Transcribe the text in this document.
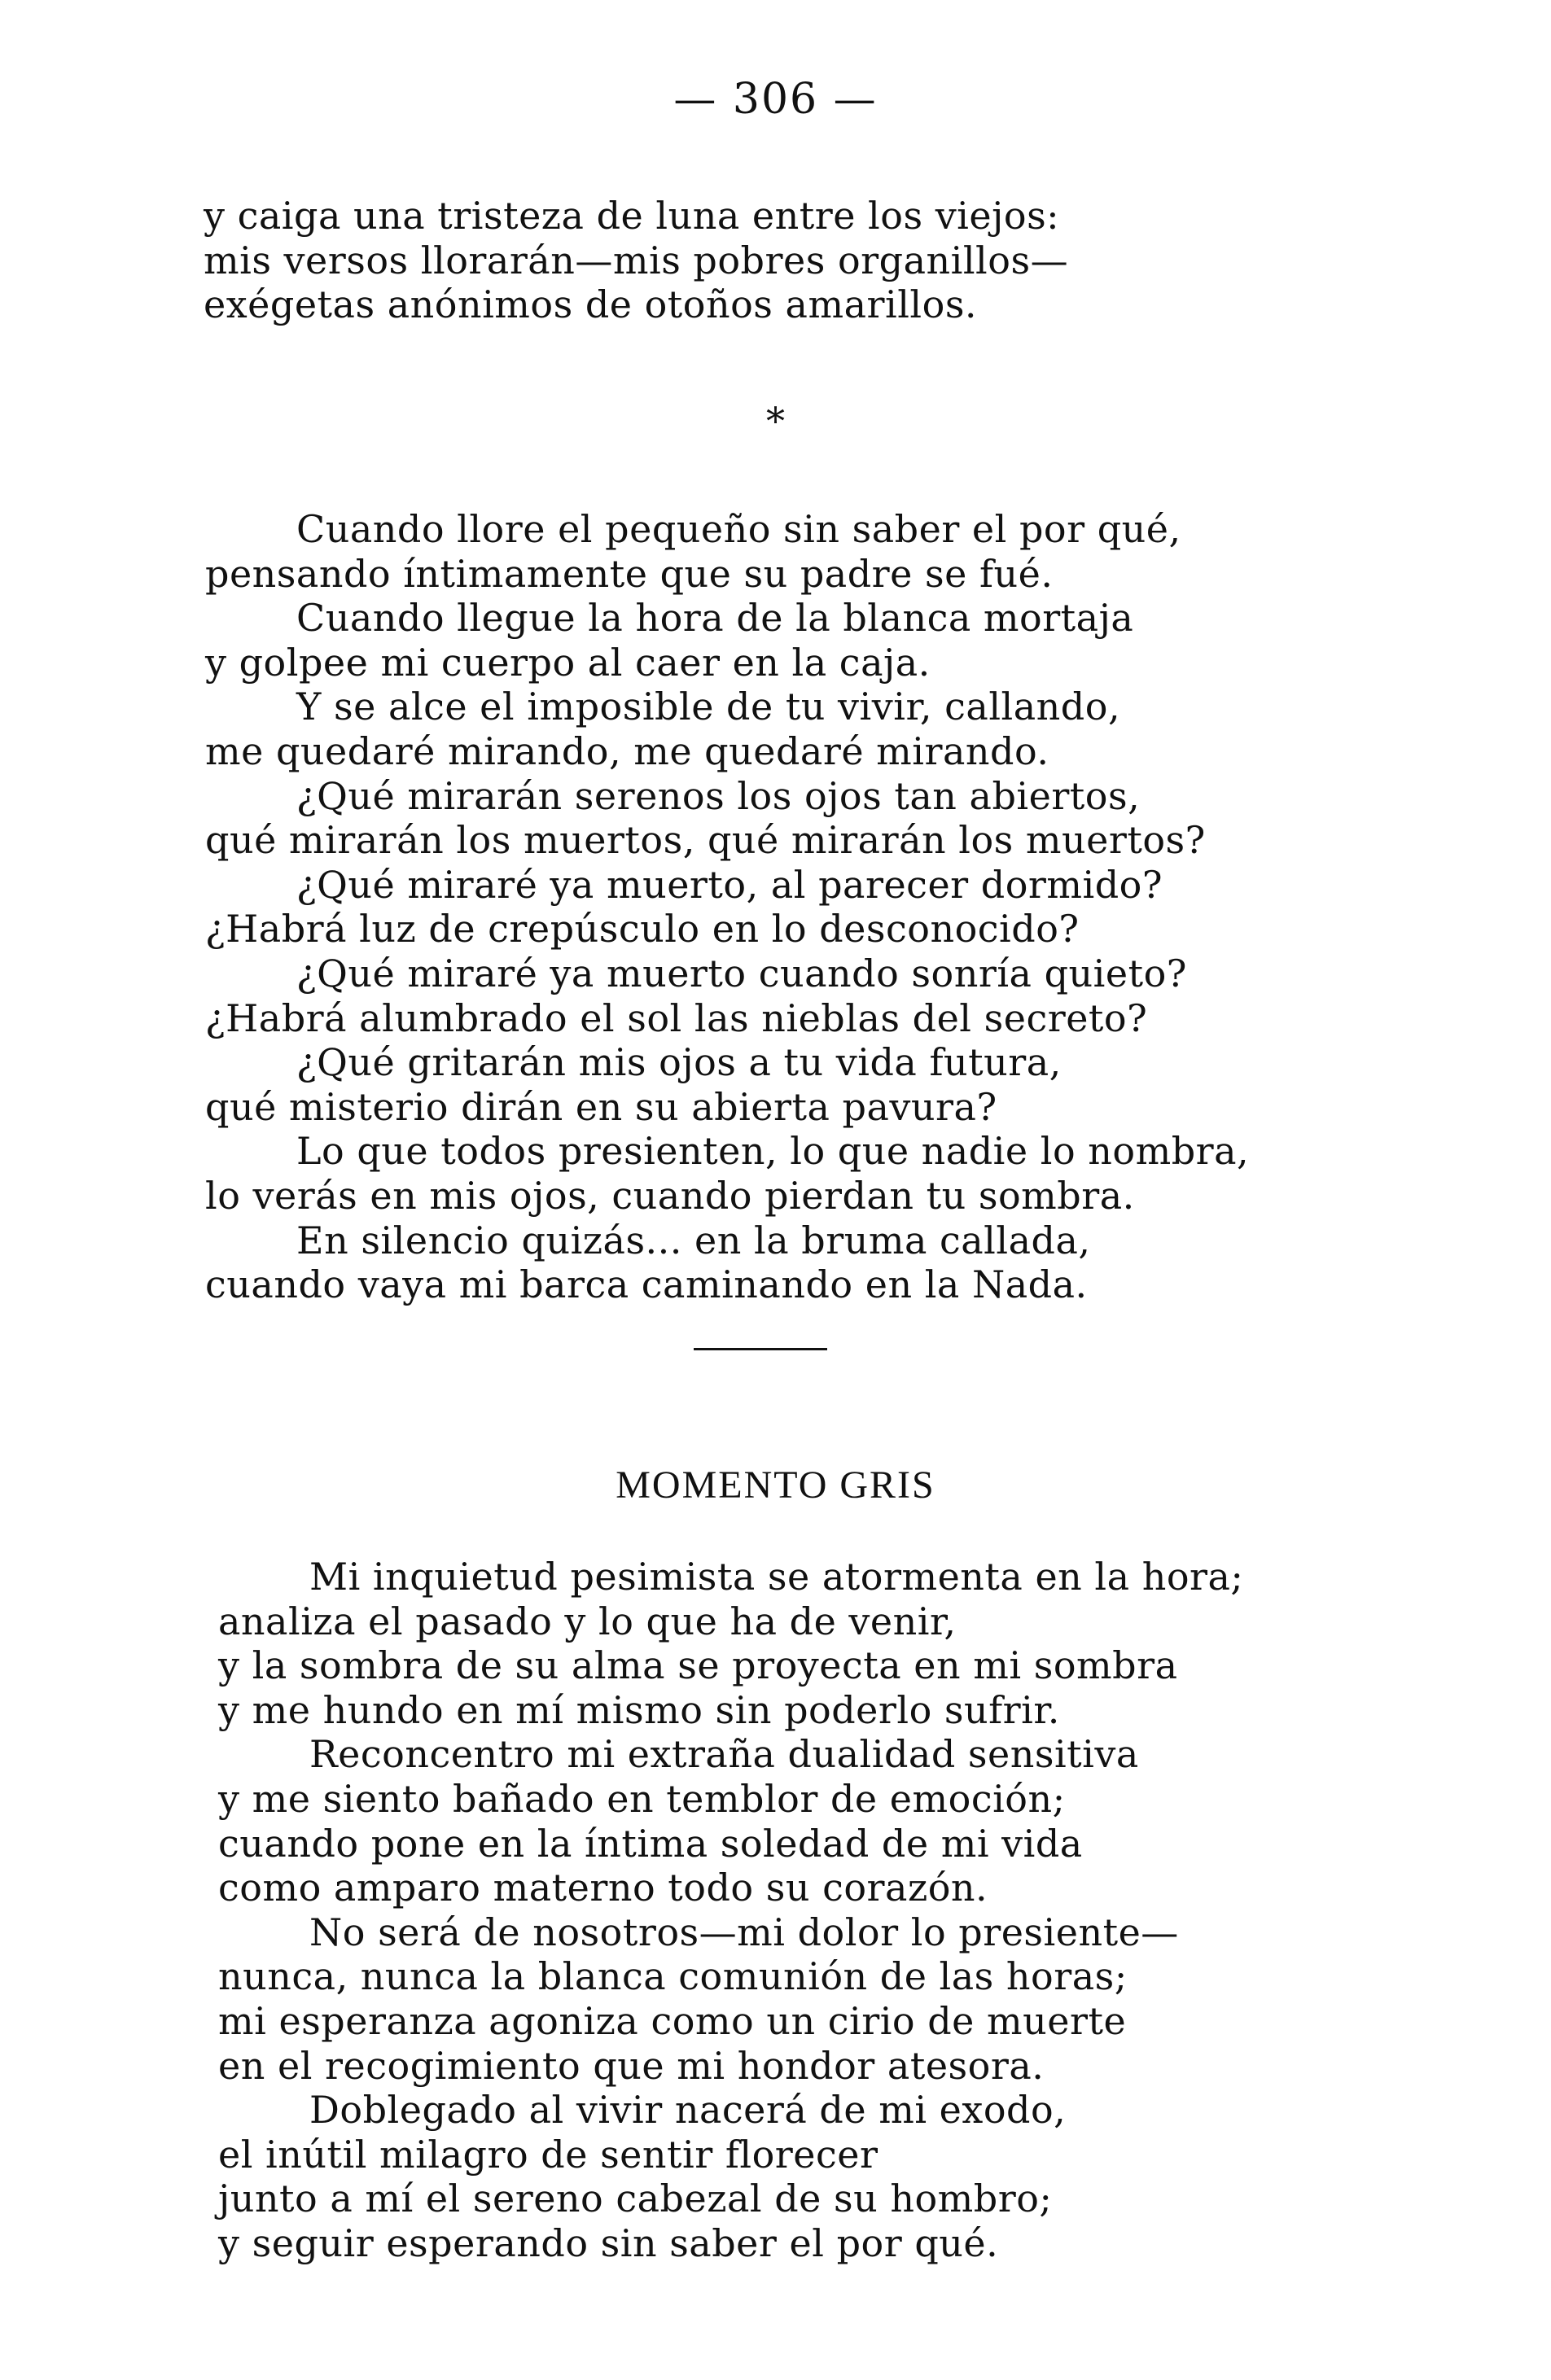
— 306 —
y caiga una tristeza de luna entre los viejos:
mis versos llorarán—mis pobres organillos—
exégetas anónimos de otoños amarillos.
*
Cuando llore el pequeño sin saber el por qué,
pensando íntimamente que su padre se fué.
Cuando llegue la hora de la blanca mortaja
y golpee mi cuerpo al caer en la caja.
Y se alce el imposible de tu vivir, callando,
me quedaré mirando, me quedaré mirando.
¿Qué mirarán serenos los ojos tan abiertos,
qué mirarán los muertos, qué mirarán los muertos?
¿Qué miraré ya muerto, al parecer dormido?
¿Habrá luz de crepúsculo en lo desconocido?
¿Qué miraré ya muerto cuando sonría quieto?
¿Habrá alumbrado el sol las nieblas del secreto?
¿Qué gritarán mis ojos a tu vida futura,
qué misterio dirán en su abierta pavura?
Lo que todos presienten, lo que nadie lo nombra,
lo verás en mis ojos, cuando pierdan tu sombra.
En silencio quizás... en la bruma callada,
cuando vaya mi barca caminando en la Nada.
MOMENTO GRIS
Mi inquietud pesimista se atormenta en la hora;
analiza el pasado y lo que ha de venir,
y la sombra de su alma se proyecta en mi sombra
y me hundo en mí mismo sin poderlo sufrir.
Reconcentro mi extraña dualidad sensitiva
y me siento bañado en temblor de emoción;
cuando pone en la íntima soledad de mi vida
como amparo materno todo su corazón.
No será de nosotros—mi dolor lo presiente—
nunca, nunca la blanca comunión de las horas;
mi esperanza agoniza como un cirio de muerte
en el recogimiento que mi hondor atesora.
Doblegado al vivir nacerá de mi exodo,
el inútil milagro de sentir florecer
junto a mí el sereno cabezal de su hombro;
y seguir esperando sin saber el por qué.
